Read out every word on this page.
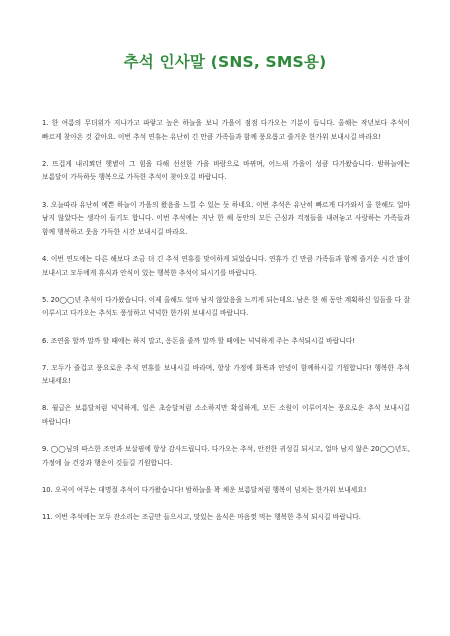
추석 인사말 (SNS, SMS용)

1. 한 여름의 무더위가 지나가고 파랗고 높은 하늘을 보니 가을이 점점 다가오는 기분이 듭니다. 올해는 작년보다 추석이 빠르게 찾아온 것 같아요. 이번 추석 연휴는 유난히 긴 만큼 가족들과 함께 풍요롭고 즐거운 한가위 보내시길 바라요!

2. 뜨겁게 내리쬐던 햇볕이 그 힘을 다해 선선한 가을 바람으로 바뀌며, 어느새 가을이 성큼 다가왔습니다. 밤하늘에는 보름달이 가득하듯 행복으로 가득한 추석이 찾아오길 바랍니다.

3. 오늘따라 유난히 예쁜 하늘이 가을의 왔음을 느낄 수 있는 듯 하네요. 이번 추석은 유난히 빠르게 다가와서 올 한해도 얼마 남지 않았다는 생각이 들기도 합니다. 이번 추석에는 지난 한 해 동안의 모든 근심과 걱정들을 내려놓고 사랑하는 가족들과 함께 행복하고 웃음 가득한 시간 보내시길 바라요.

4. 이번 연도에는 다른 해보다 조금 더 긴 추석 연휴를 맞이하게 되었습니다. 연휴가 긴 만큼 가족들과 함께 즐거운 시간 많이 보내시고 모두에게 휴식과 안식이 있는 행복한 추석이 되시기를 바랍니다.

5. 20◯◯년 추석이 다가왔습니다. 이제 올해도 얼마 남지 않았음을 느끼게 되는데요. 남은 한 해 동안 계획하신 일들을 다 잘 이루시고 다가오는 추석도 풍성하고 넉넉한 한가위 보내시길 바랍니다.

6. 조연을 할까 말까 할 때에는 하지 말고, 응돈을 줄까 말까 할 때에는 넉넉하게 주는 추석되시길 바랍니다!

7. 모두가 즐겁고 풍요로운 추석 연휴를 보내시길 바라며, 항상 가정에 화목과 안녕이 함께하시길 기원합니다! 행복한 추석 보내세요!

8. 월급은 보름달처럼 넉넉하게, 일은 초승달처럼 소소하지만 확실하게, 모든 소원이 이루어지는 풍요로운 추석 보내시길 바랍니다!

9. ◯◯님의 따스한 조언과 보살핌에 항상 감사드립니다. 다가오는 추석, 안전한 귀성길 되시고, 얼마 남지 않은 20◯◯년도, 가정에 늘 건강과 행운이 깃들길 기원합니다.

10. 오곡이 여무는 대명절 추석이 다가왔습니다! 밤하늘을 꽉 채운 보름달처럼 행복이 넘치는 한가위 보내세요!

11. 이번 추석에는 모두 잔소리는 조금만 들으시고, 맛있는 음식은 마음껏 먹는 행복한 추석 되시길 바랍니다.
